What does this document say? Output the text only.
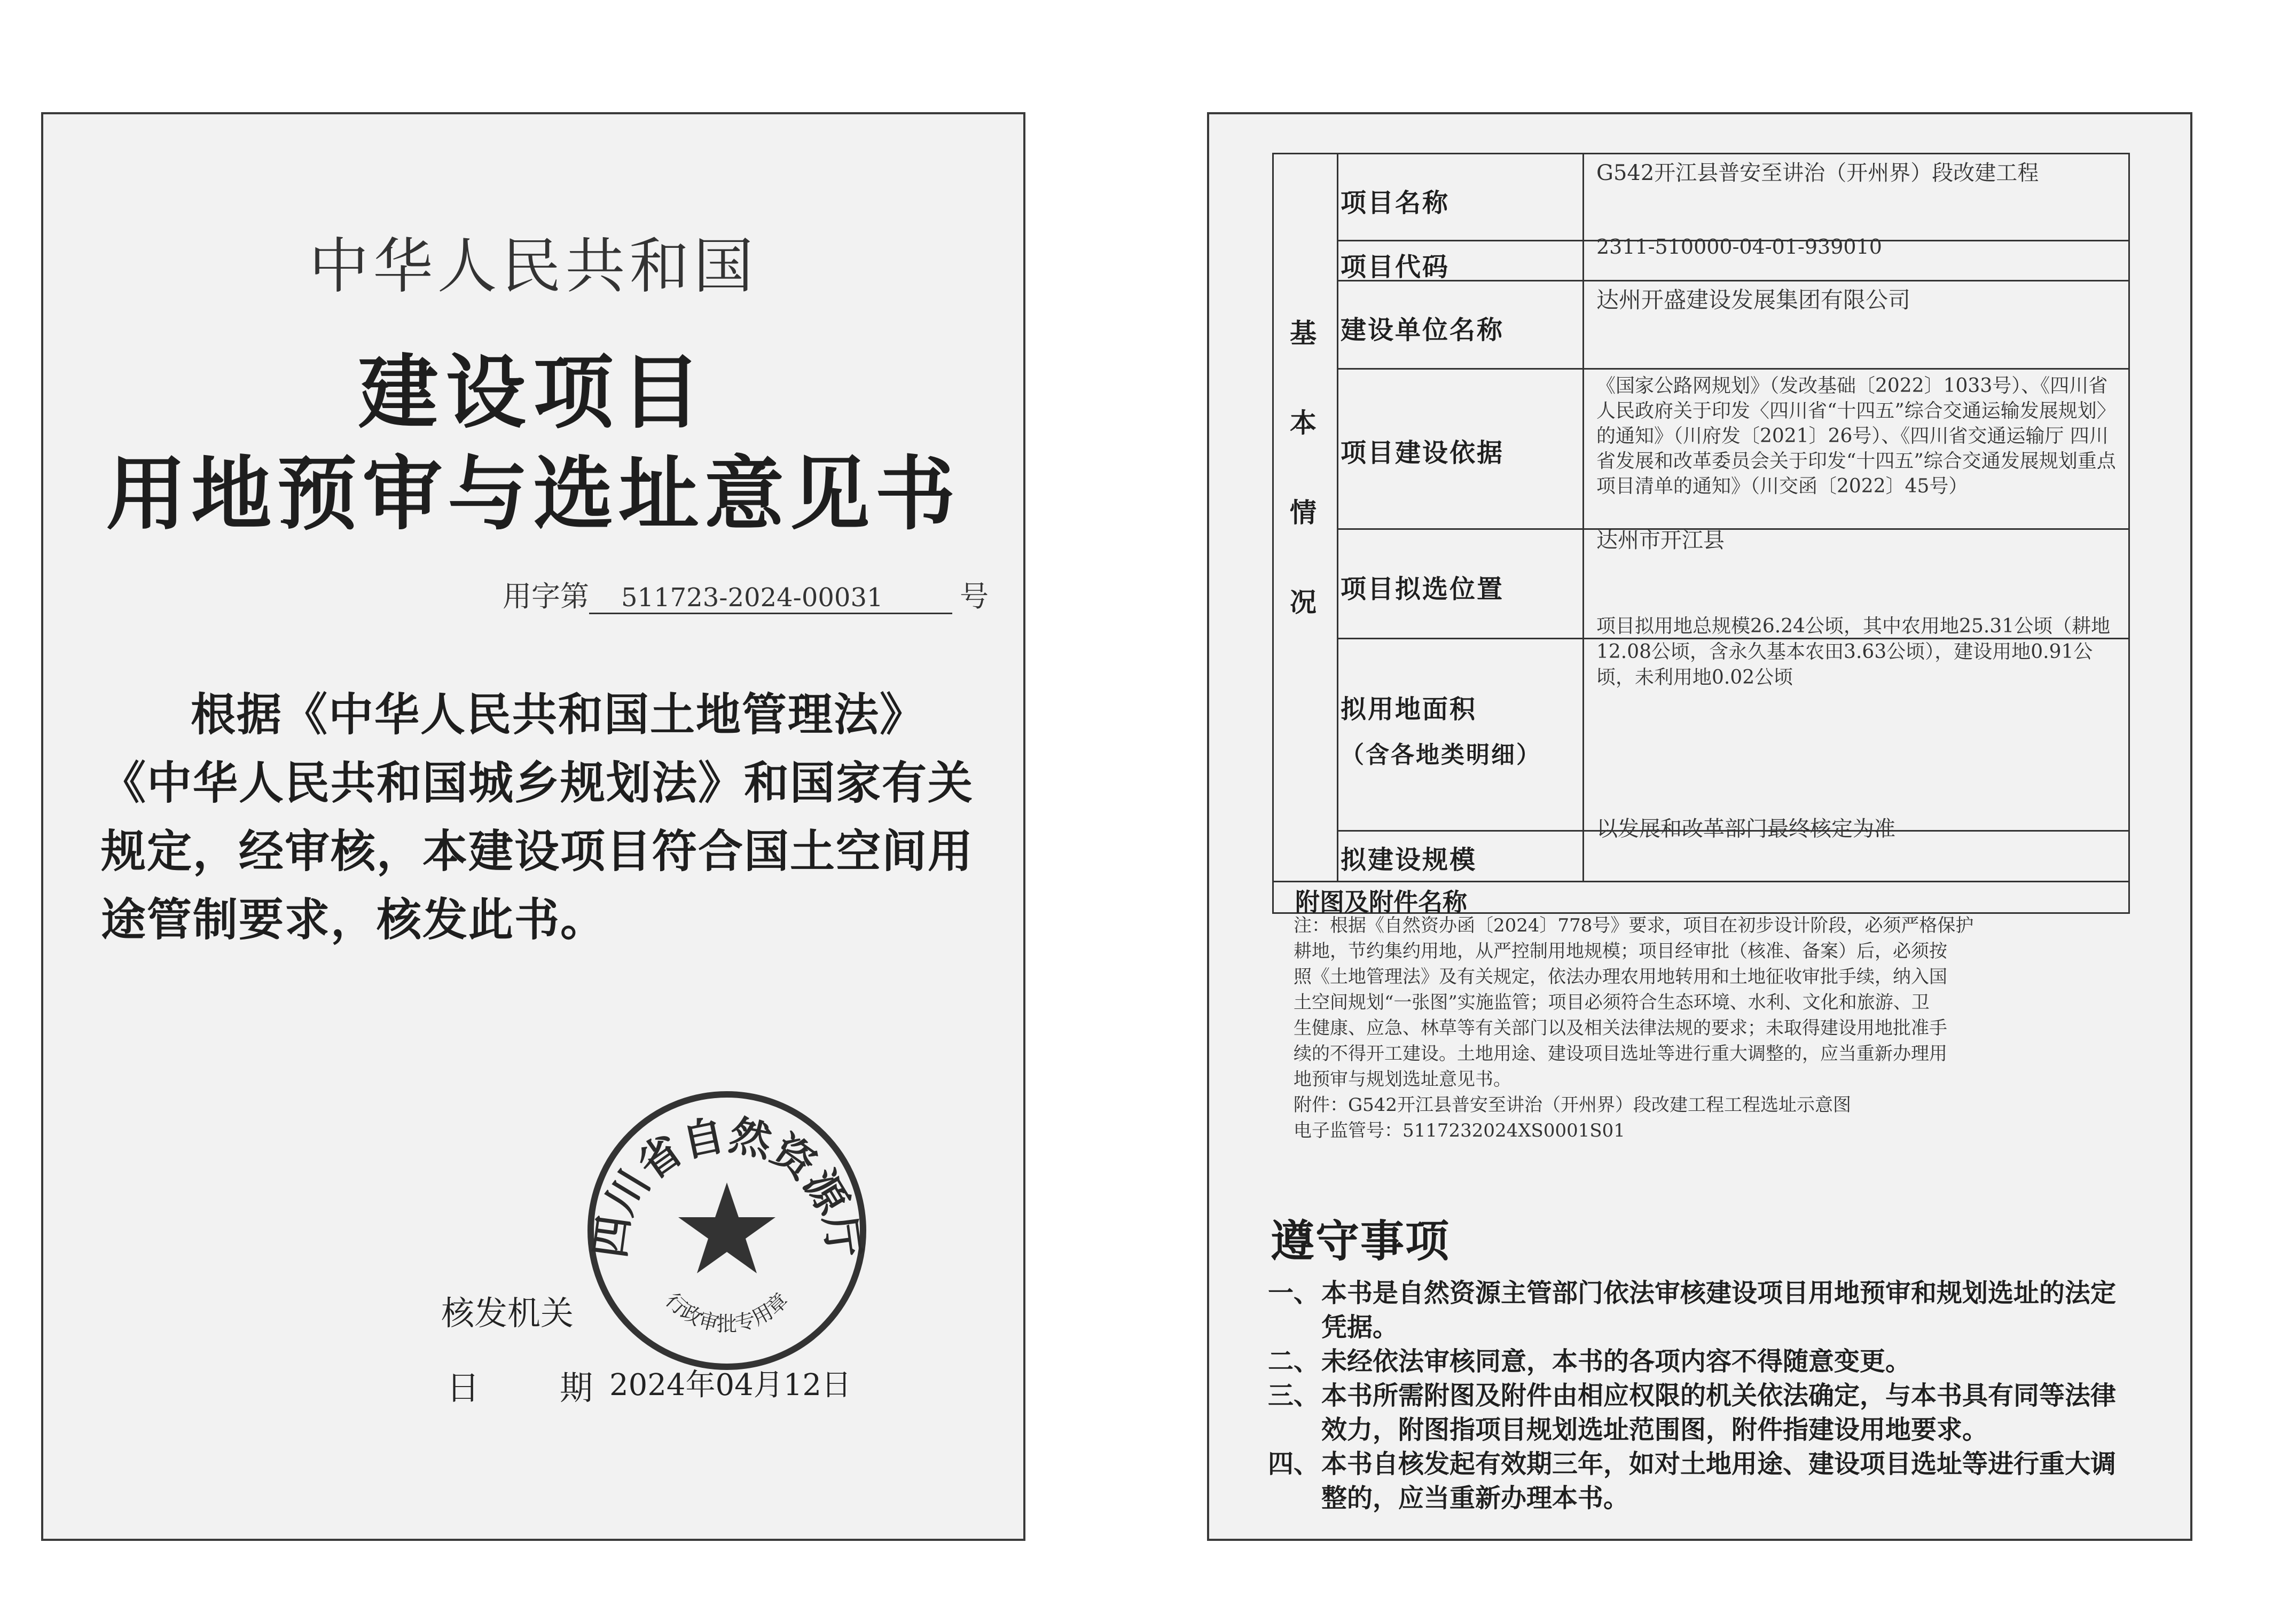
中华人民共和国
建设项目
用地预审与选址意见书
用字第 511723-2024-00031	号

根据《中华人民共和国土地管理法》《中华人民共和国城乡规划法》和国家有关规定，经审核，本建设项目符合国土空间用途管制要求，核发此书。

核发机关
日 期 2024年04月12日
四川省自然资源厅
行政审批专用章
基
本
情
况
项目名称
G542开江县普安至讲治（开州界）段改建工程
项目代码
2311-510000-04-01-939010
建设单位名称
达州开盛建设发展集团有限公司
项目建设依据
《国家公路网规划》（发改基础〔2022〕1033号）、《四川省人民政府关于印发〈四川省“十四五”综合交通运输发展规划〉的通知》（川府发〔2021〕26号）、《四川省交通运输厅 四川省发展和改革委员会关于印发“十四五”综合交通发展规划重点项目清单的通知》（川交函〔2022〕45号）
项目拟选位置
达州市开江县
拟用地面积
（含各地类明细）
项目拟用地总规模26.24公顷，其中农用地25.31公顷（耕地12.08公顷，含永久基本农田3.63公顷），建设用地0.91公顷，未利用地0.02公顷
拟建设规模
以发展和改革部门最终核定为准
附图及附件名称
注：根据《自然资办函〔2024〕778号》要求，项目在初步设计阶段，必须严格保护
耕地，节约集约用地，从严控制用地规模；项目经审批（核准、备案）后，必须按
照《土地管理法》及有关规定，依法办理农用地转用和土地征收审批手续，纳入国
土空间规划“一张图”实施监管；项目必须符合生态环境、水利、文化和旅游、卫
生健康、应急、林草等有关部门以及相关法律法规的要求；未取得建设用地批准手
续的不得开工建设。土地用途、建设项目选址等进行重大调整的，应当重新办理用
地预审与规划选址意见书。
附件：G542开江县普安至讲治（开州界）段改建工程工程选址示意图
电子监管号：5117232024XS0001S01
遵守事项
一、 本书是自然资源主管部门依法审核建设项目用地预审和规划选址的法定凭据。
二、 未经依法审核同意，本书的各项内容不得随意变更。
三、 本书所需附图及附件由相应权限的机关依法确定，与本书具有同等法律效力，附图指项目规划选址范围图，附件指建设用地要求。
四、 本书自核发起有效期三年，如对土地用途、建设项目选址等进行重大调整的，应当重新办理本书。
